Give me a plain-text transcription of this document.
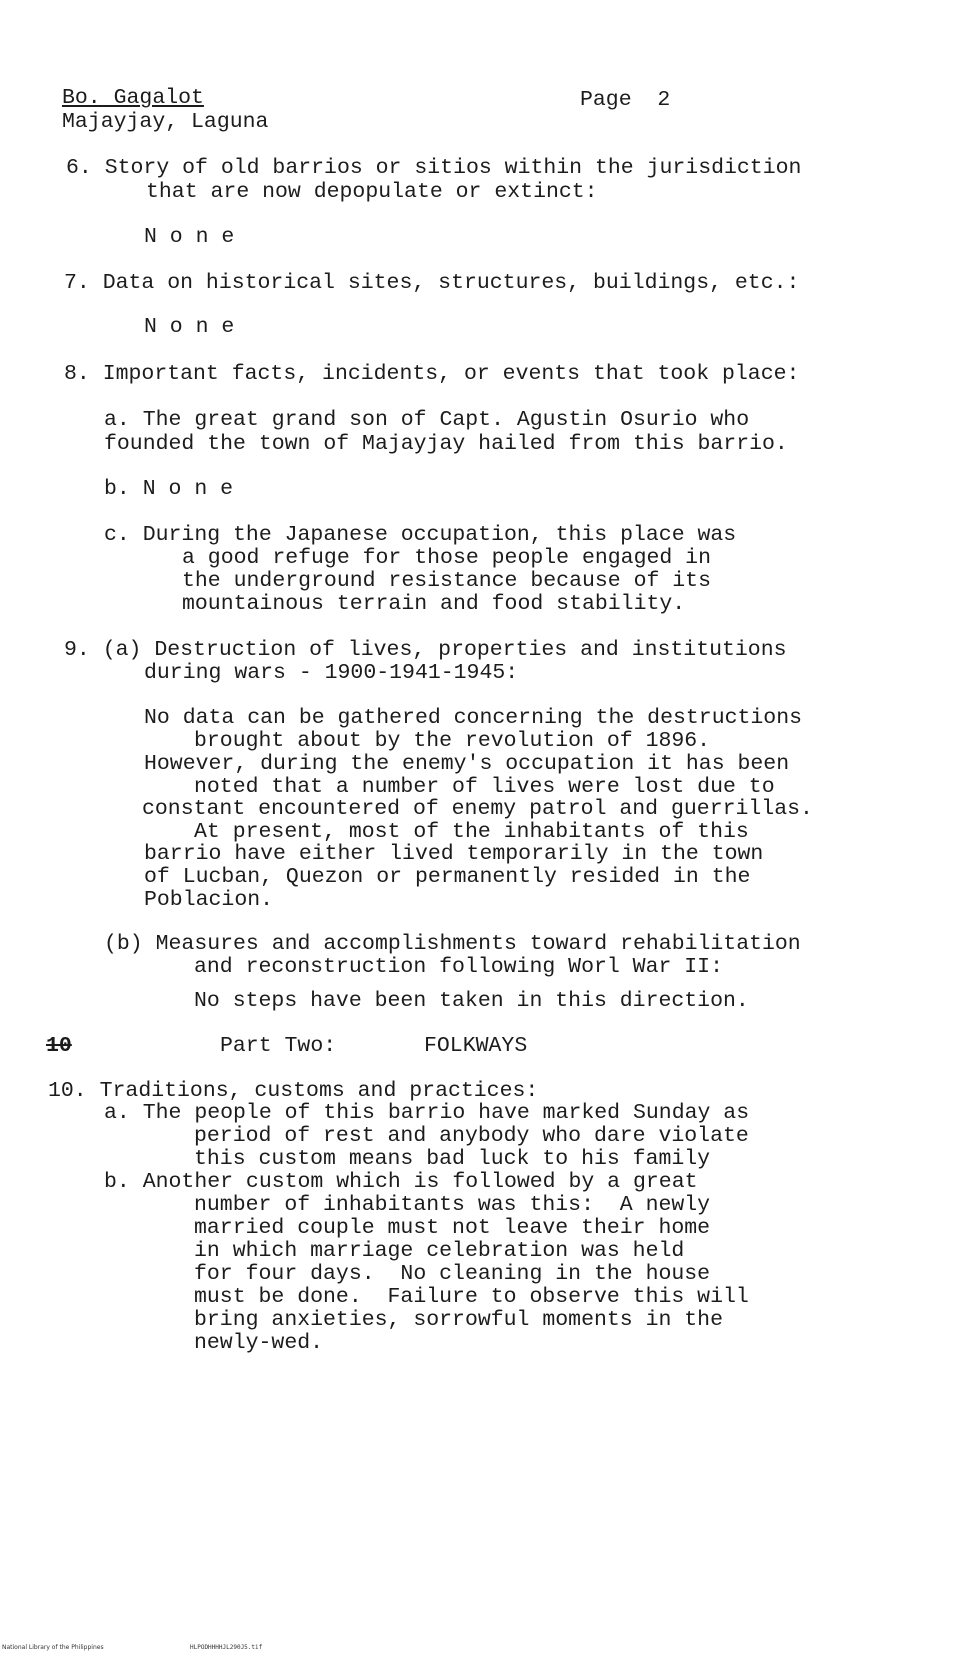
Bo. Gagalot
Majayjay, Laguna
Page  2
6. Story of old barrios or sitios within the jurisdiction
that are now depopulate or extinct:
N o n e
7. Data on historical sites, structures, buildings, etc.:
N o n e
8. Important facts, incidents, or events that took place:
a. The great grand son of Capt. Agustin Osurio who
founded the town of Majayjay hailed from this barrio.
b. N o n e
c. During the Japanese occupation, this place was
a good refuge for those people engaged in
the underground resistance because of its
mountainous terrain and food stability.
9. (a) Destruction of lives, properties and institutions
during wars - 1900-1941-1945:
No data can be gathered concerning the destructions
brought about by the revolution of 1896.
However, during the enemy's occupation it has been
noted that a number of lives were lost due to
constant encountered of enemy patrol and guerrillas.
At present, most of the inhabitants of this
barrio have either lived temporarily in the town
of Lucban, Quezon or permanently resided in the
Poblacion.
(b) Measures and accomplishments toward rehabilitation
and reconstruction following Worl War II:
No steps have been taken in this direction.
10	Part Two:	FOLKWAYS
10. Traditions, customs and practices:
a. The people of this barrio have marked Sunday as
period of rest and anybody who dare violate
this custom means bad luck to his family
b. Another custom which is followed by a great
number of inhabitants was this:  A newly
married couple must not leave their home
in which marriage celebration was held
for four days.  No cleaning in the house
must be done.  Failure to observe this will
bring anxieties, sorrowful moments in the
newly-wed.
National Library of the Philippines	HLPODHHHHJL290J5.tif
